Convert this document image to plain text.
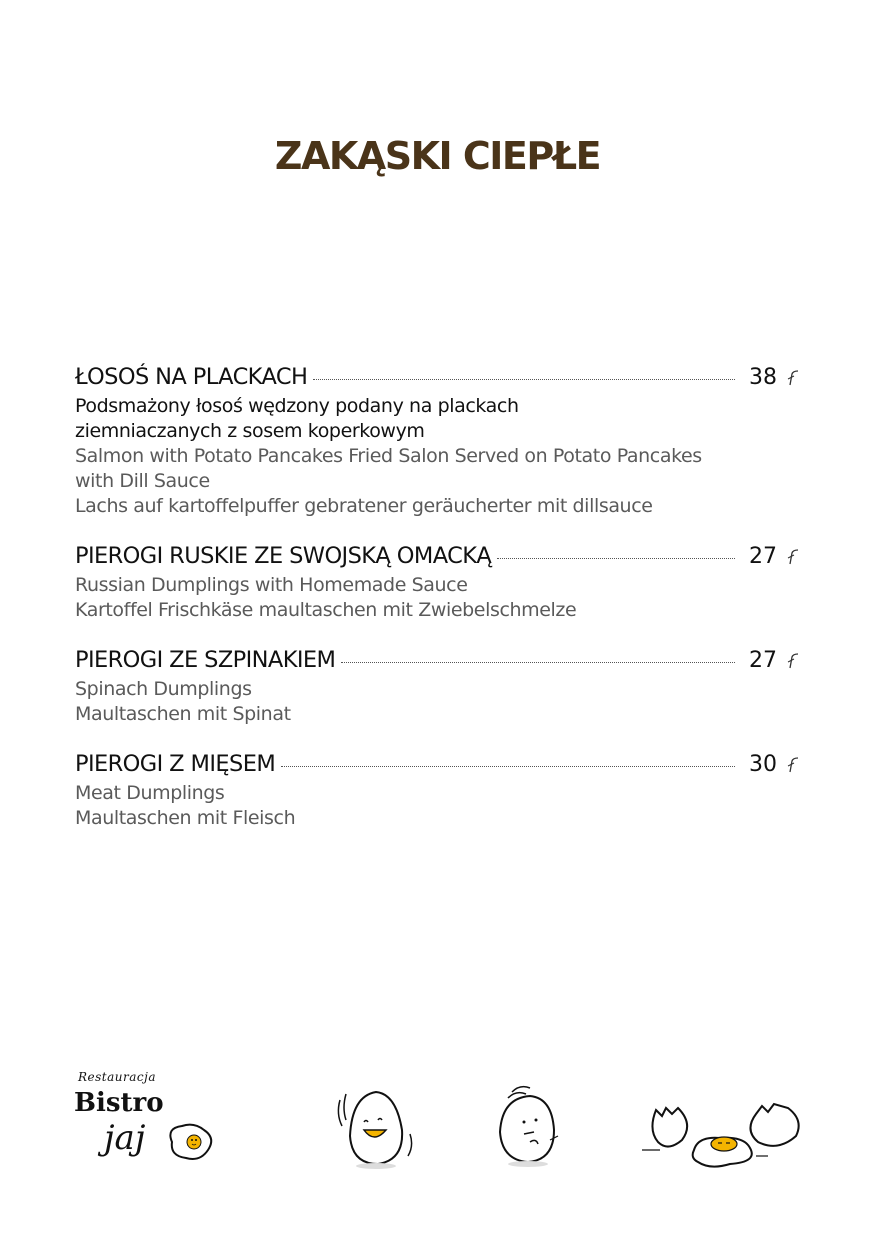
ZAKĄSKI CIEPŁE
ŁOSOŚ NA PLACKACH	38
Podsmażony łosoś wędzony podany na plackach ziemniaczanych z sosem koperkowym
Salmon with Potato Pancakes Fried Salon Served on Potato Pancakes with Dill Sauce
Lachs auf kartoffelpuffer gebratener geräucherter mit dillsauce
PIEROGI RUSKIE ZE SWOJSKĄ OMACKĄ	27
Russian Dumplings with Homemade Sauce
Kartoffel Frischkäse maultaschen mit Zwiebelschmelze
PIEROGI ZE SZPINAKIEM	27
Spinach Dumplings
Maultaschen mit Spinat
PIEROGI Z MIĘSEM	30
Meat Dumplings
Maultaschen mit Fleisch
Restauracja
Bistro
jaj
